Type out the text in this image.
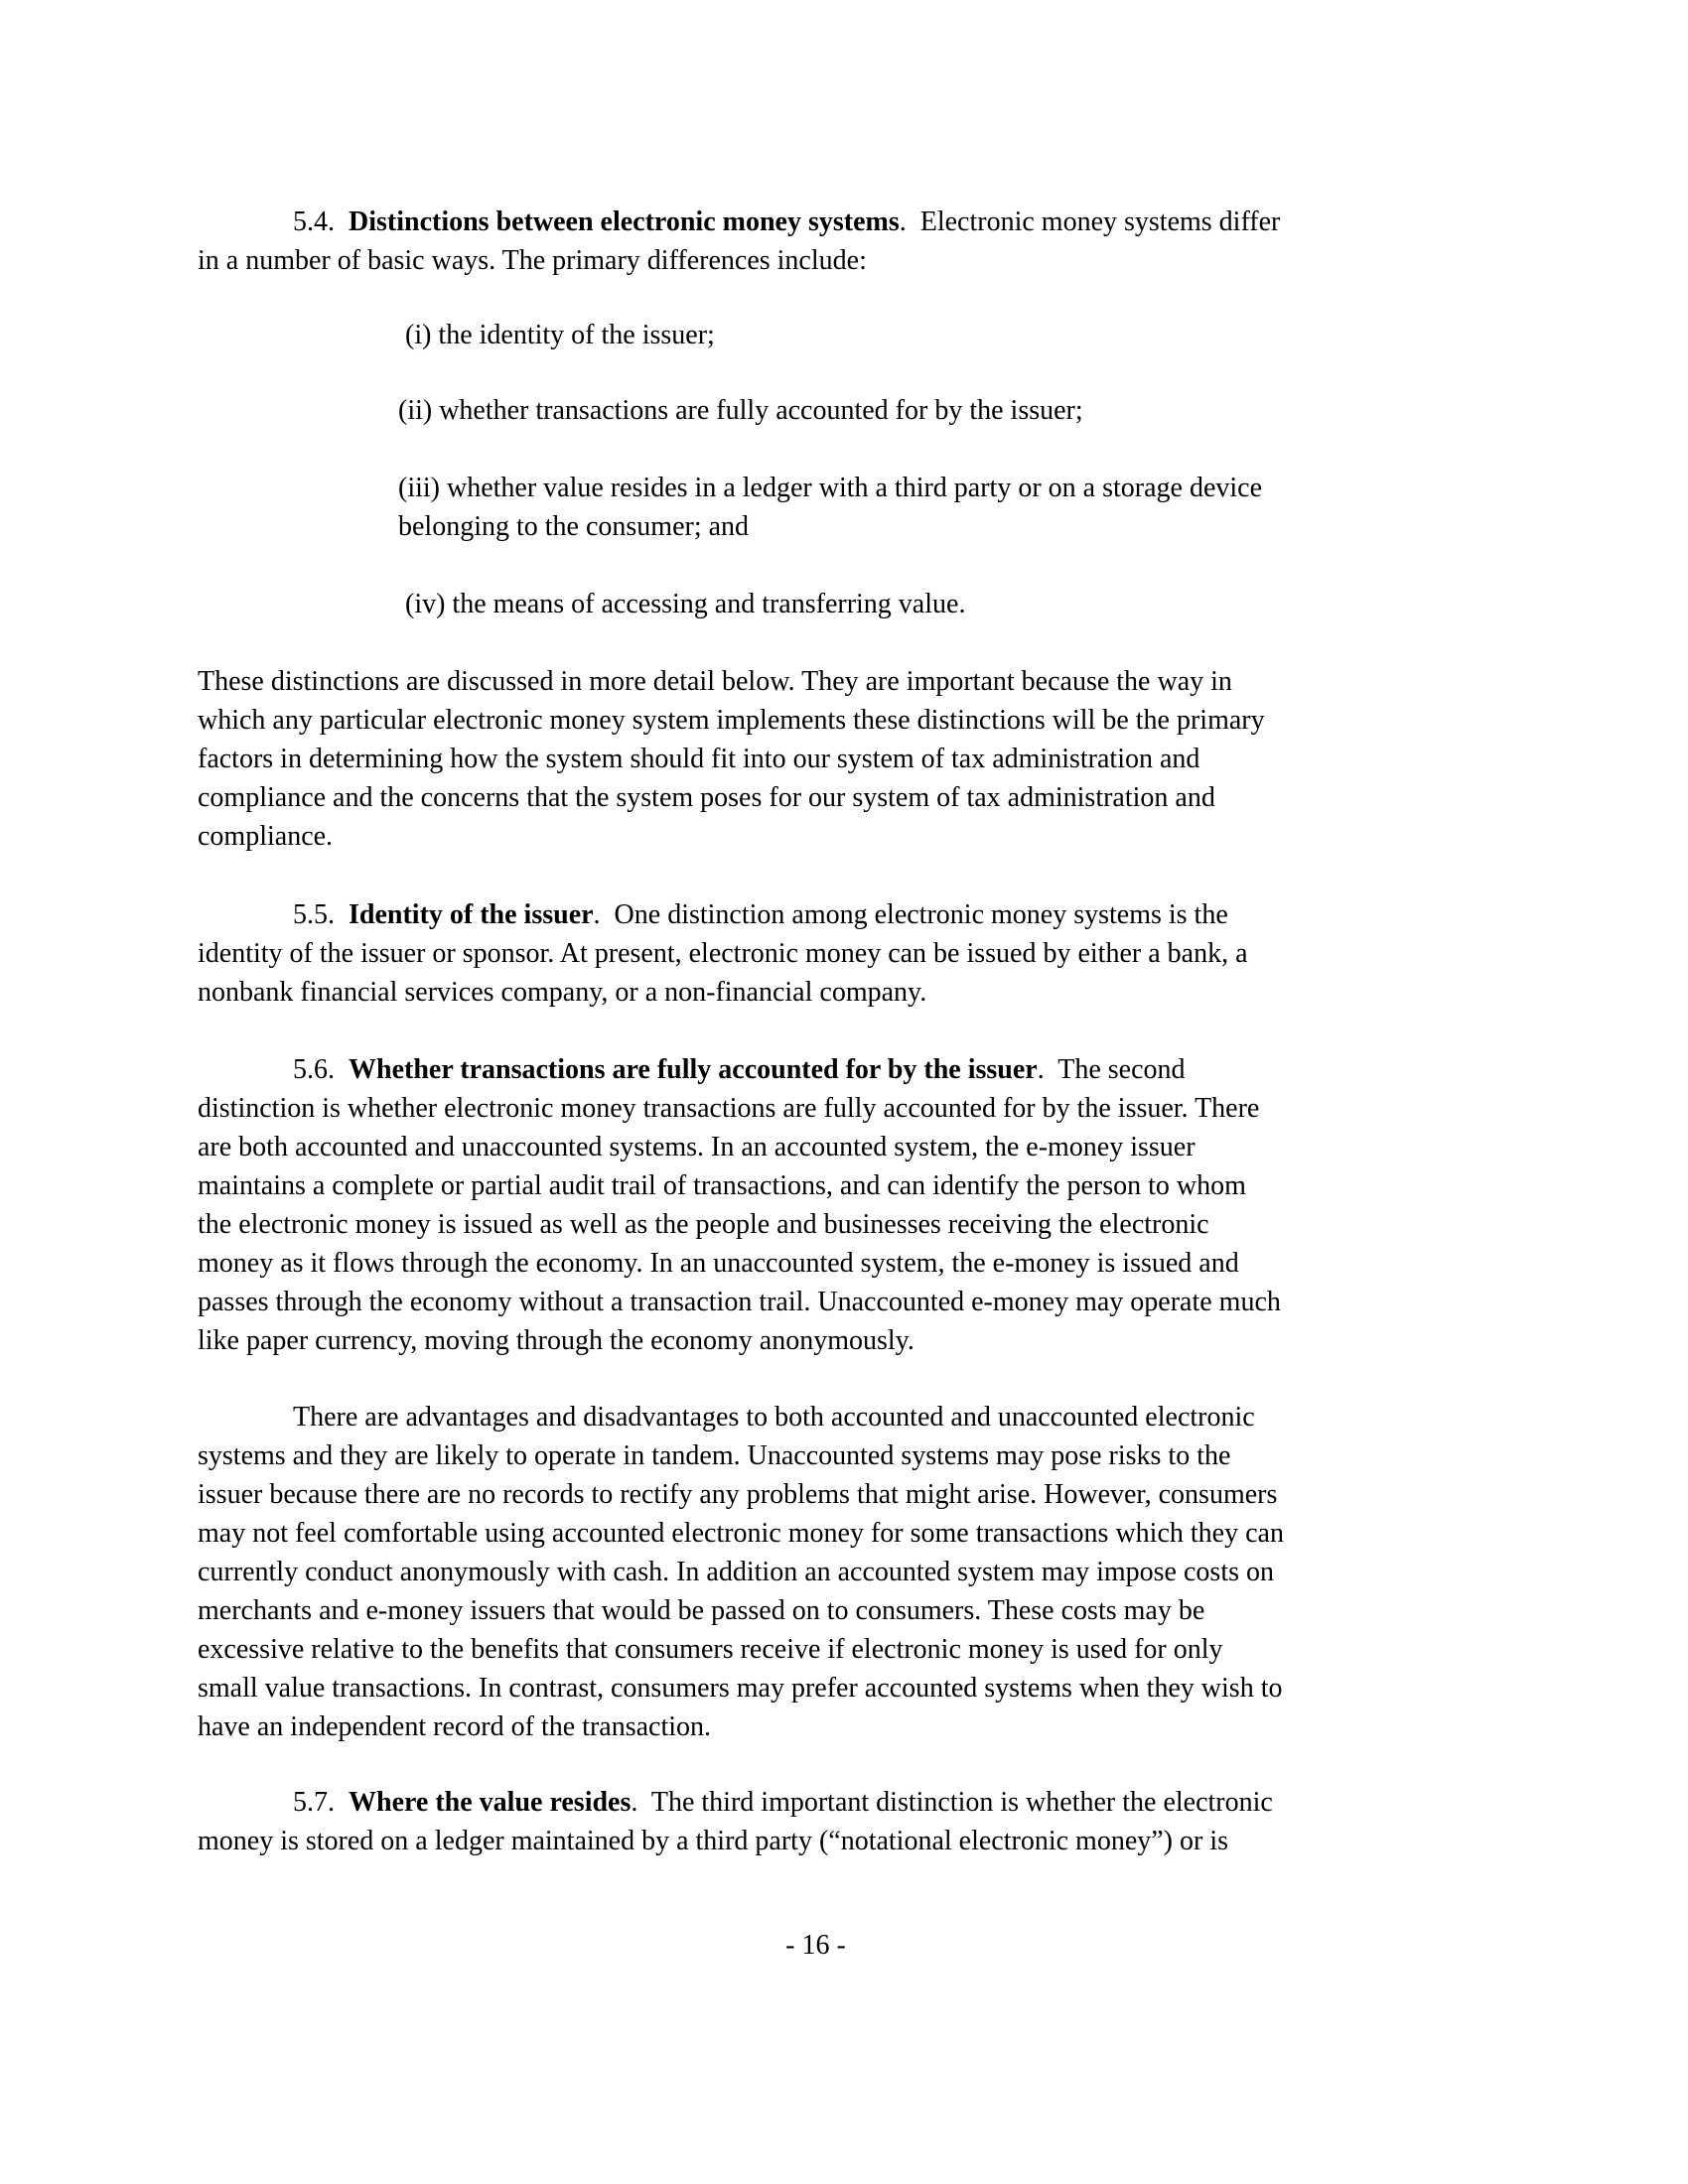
5.4. Distinctions between electronic money systems.  Electronic money systems differ
in a number of basic ways. The primary differences include:
(i) the identity of the issuer;
(ii) whether transactions are fully accounted for by the issuer;
(iii) whether value resides in a ledger with a third party or on a storage device
belonging to the consumer; and
(iv) the means of accessing and transferring value.
These distinctions are discussed in more detail below. They are important because the way in
which any particular electronic money system implements these distinctions will be the primary
factors in determining how the system should fit into our system of tax administration and
compliance and the concerns that the system poses for our system of tax administration and
compliance.
5.5. Identity of the issuer.  One distinction among electronic money systems is the
identity of the issuer or sponsor. At present, electronic money can be issued by either a bank, a
nonbank financial services company, or a non-financial company.
5.6. Whether transactions are fully accounted for by the issuer.  The second
distinction is whether electronic money transactions are fully accounted for by the issuer. There
are both accounted and unaccounted systems. In an accounted system, the e-money issuer
maintains a complete or partial audit trail of transactions, and can identify the person to whom
the electronic money is issued as well as the people and businesses receiving the electronic
money as it flows through the economy. In an unaccounted system, the e-money is issued and
passes through the economy without a transaction trail. Unaccounted e-money may operate much
like paper currency, moving through the economy anonymously.
There are advantages and disadvantages to both accounted and unaccounted electronic
systems and they are likely to operate in tandem. Unaccounted systems may pose risks to the
issuer because there are no records to rectify any problems that might arise. However, consumers
may not feel comfortable using accounted electronic money for some transactions which they can
currently conduct anonymously with cash. In addition an accounted system may impose costs on
merchants and e-money issuers that would be passed on to consumers. These costs may be
excessive relative to the benefits that consumers receive if electronic money is used for only
small value transactions. In contrast, consumers may prefer accounted systems when they wish to
have an independent record of the transaction.
5.7. Where the value resides.  The third important distinction is whether the electronic
money is stored on a ledger maintained by a third party (“notational electronic money”) or is
- 16 -
